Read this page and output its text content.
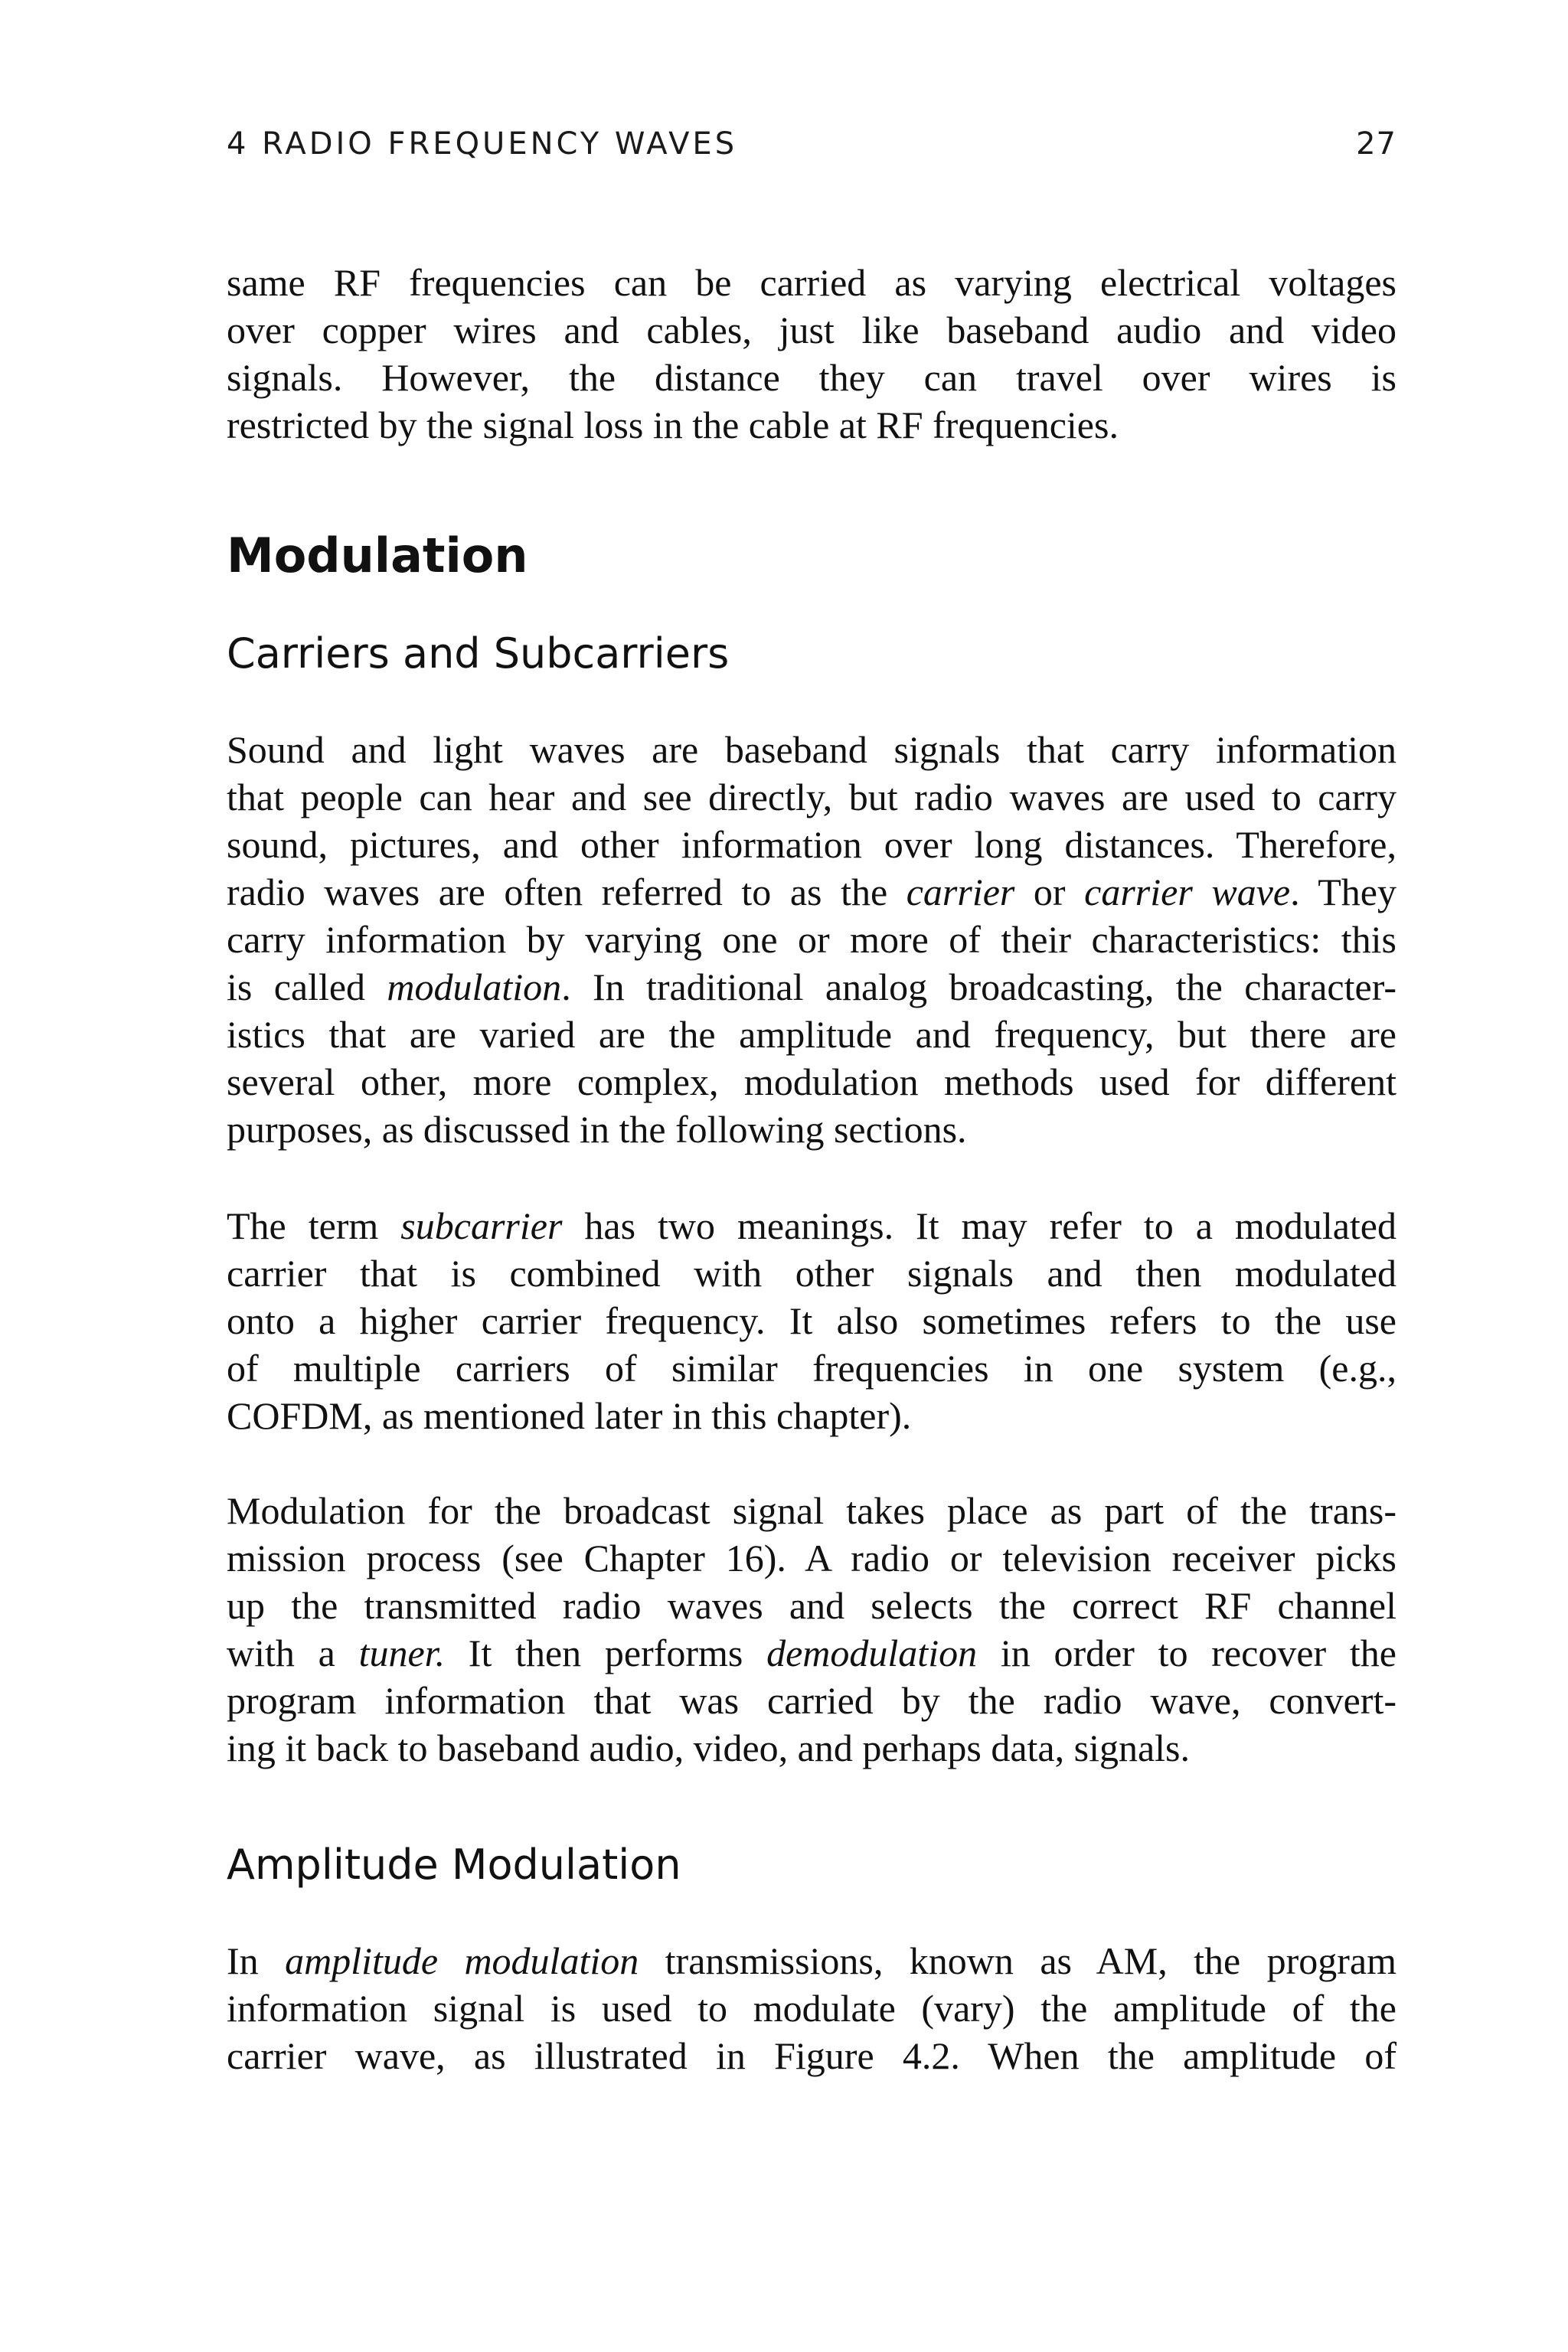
4 RADIO FREQUENCY WAVES	27
same RF frequencies can be carried as varying electrical voltages
over copper wires and cables, just like baseband audio and video
signals. However, the distance they can travel over wires is
restricted by the signal loss in the cable at RF frequencies.
Modulation
Carriers and Subcarriers
Sound and light waves are baseband signals that carry information
that people can hear and see directly, but radio waves are used to carry
sound, pictures, and other information over long distances. Therefore,
radio waves are often referred to as the carrier or carrier wave. They
carry information by varying one or more of their characteristics: this
is called modulation. In traditional analog broadcasting, the character-
istics that are varied are the amplitude and frequency, but there are
several other, more complex, modulation methods used for different
purposes, as discussed in the following sections.
The term subcarrier has two meanings. It may refer to a modulated
carrier that is combined with other signals and then modulated
onto a higher carrier frequency. It also sometimes refers to the use
of multiple carriers of similar frequencies in one system (e.g.,
COFDM, as mentioned later in this chapter).
Modulation for the broadcast signal takes place as part of the trans-
mission process (see Chapter 16). A radio or television receiver picks
up the transmitted radio waves and selects the correct RF channel
with a tuner. It then performs demodulation in order to recover the
program information that was carried by the radio wave, convert-
ing it back to baseband audio, video, and perhaps data, signals.
Amplitude Modulation
In amplitude modulation transmissions, known as AM, the program
information signal is used to modulate (vary) the amplitude of the
carrier wave, as illustrated in Figure 4.2. When the amplitude of
